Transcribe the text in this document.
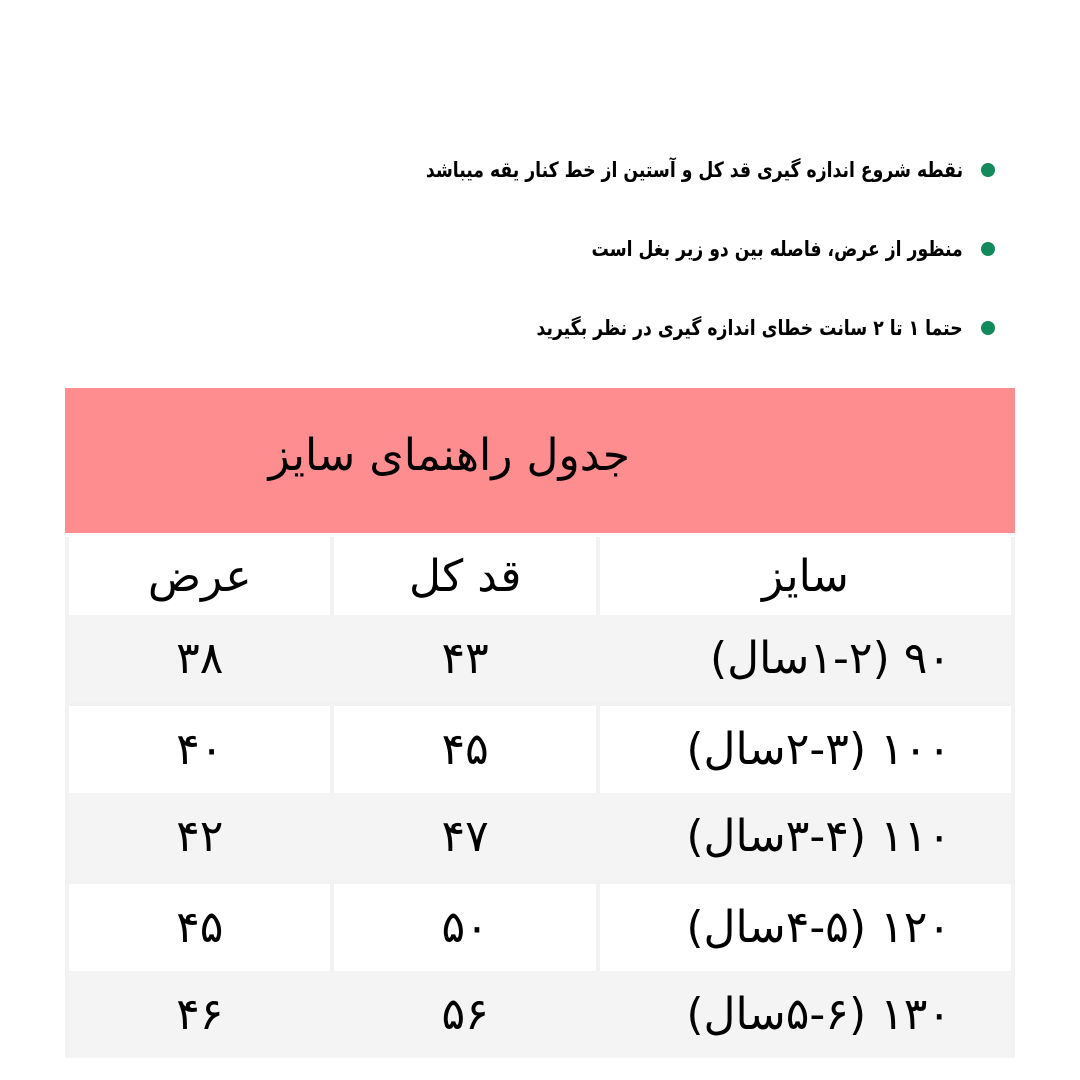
نقطه شروع اندازه گیری قد کل و آستین از خط کنار یقه میباشد
منظور از عرض، فاصله بین دو زیر بغل است
حتما ۱ تا ۲ سانت خطای اندازه گیری در نظر بگیرید
جدول راهنمای سایز
سایز
قد کل
عرض
۹۰ (۱-۲سال)
۴۳
۳۸
۱۰۰ (۲-۳سال)
۴۵
۴۰
۱۱۰ (۳-۴سال)
۴۷
۴۲
۱۲۰ (۴-۵سال)
۵۰
۴۵
۱۳۰ (۵-۶سال)
۵۶
۴۶
